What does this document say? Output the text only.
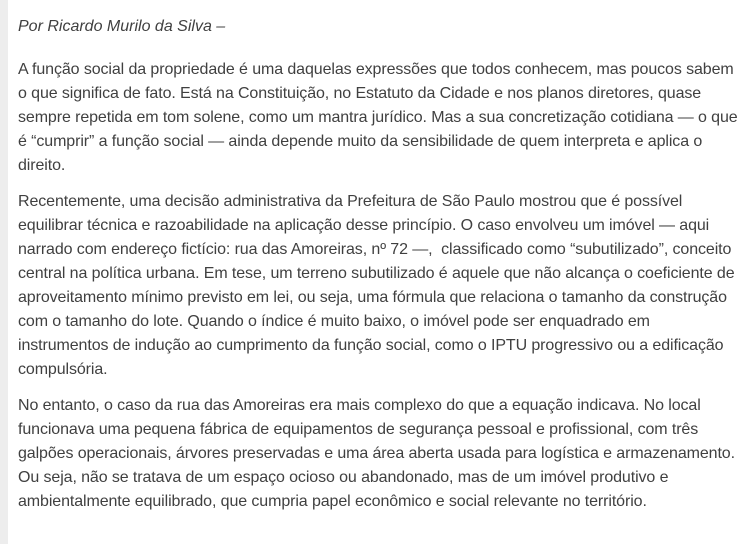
Por Ricardo Murilo da Silva –

A função social da propriedade é uma daquelas expressões que todos conhecem, mas poucos sabem o que significa de fato. Está na Constituição, no Estatuto da Cidade e nos planos diretores, quase sempre repetida em tom solene, como um mantra jurídico. Mas a sua concretização cotidiana — o que é “cumprir” a função social — ainda depende muito da sensibilidade de quem interpreta e aplica o direito.

Recentemente, uma decisão administrativa da Prefeitura de São Paulo mostrou que é possível equilibrar técnica e razoabilidade na aplicação desse princípio. O caso envolveu um imóvel — aqui narrado com endereço fictício: rua das Amoreiras, nº 72 —,  classificado como “subutilizado”, conceito central na política urbana. Em tese, um terreno subutilizado é aquele que não alcança o coeficiente de aproveitamento mínimo previsto em lei, ou seja, uma fórmula que relaciona o tamanho da construção com o tamanho do lote. Quando o índice é muito baixo, o imóvel pode ser enquadrado em instrumentos de indução ao cumprimento da função social, como o IPTU progressivo ou a edificação compulsória.

No entanto, o caso da rua das Amoreiras era mais complexo do que a equação indicava. No local funcionava uma pequena fábrica de equipamentos de segurança pessoal e profissional, com três galpões operacionais, árvores preservadas e uma área aberta usada para logística e armazenamento. Ou seja, não se tratava de um espaço ocioso ou abandonado, mas de um imóvel produtivo e ambientalmente equilibrado, que cumpria papel econômico e social relevante no território.
